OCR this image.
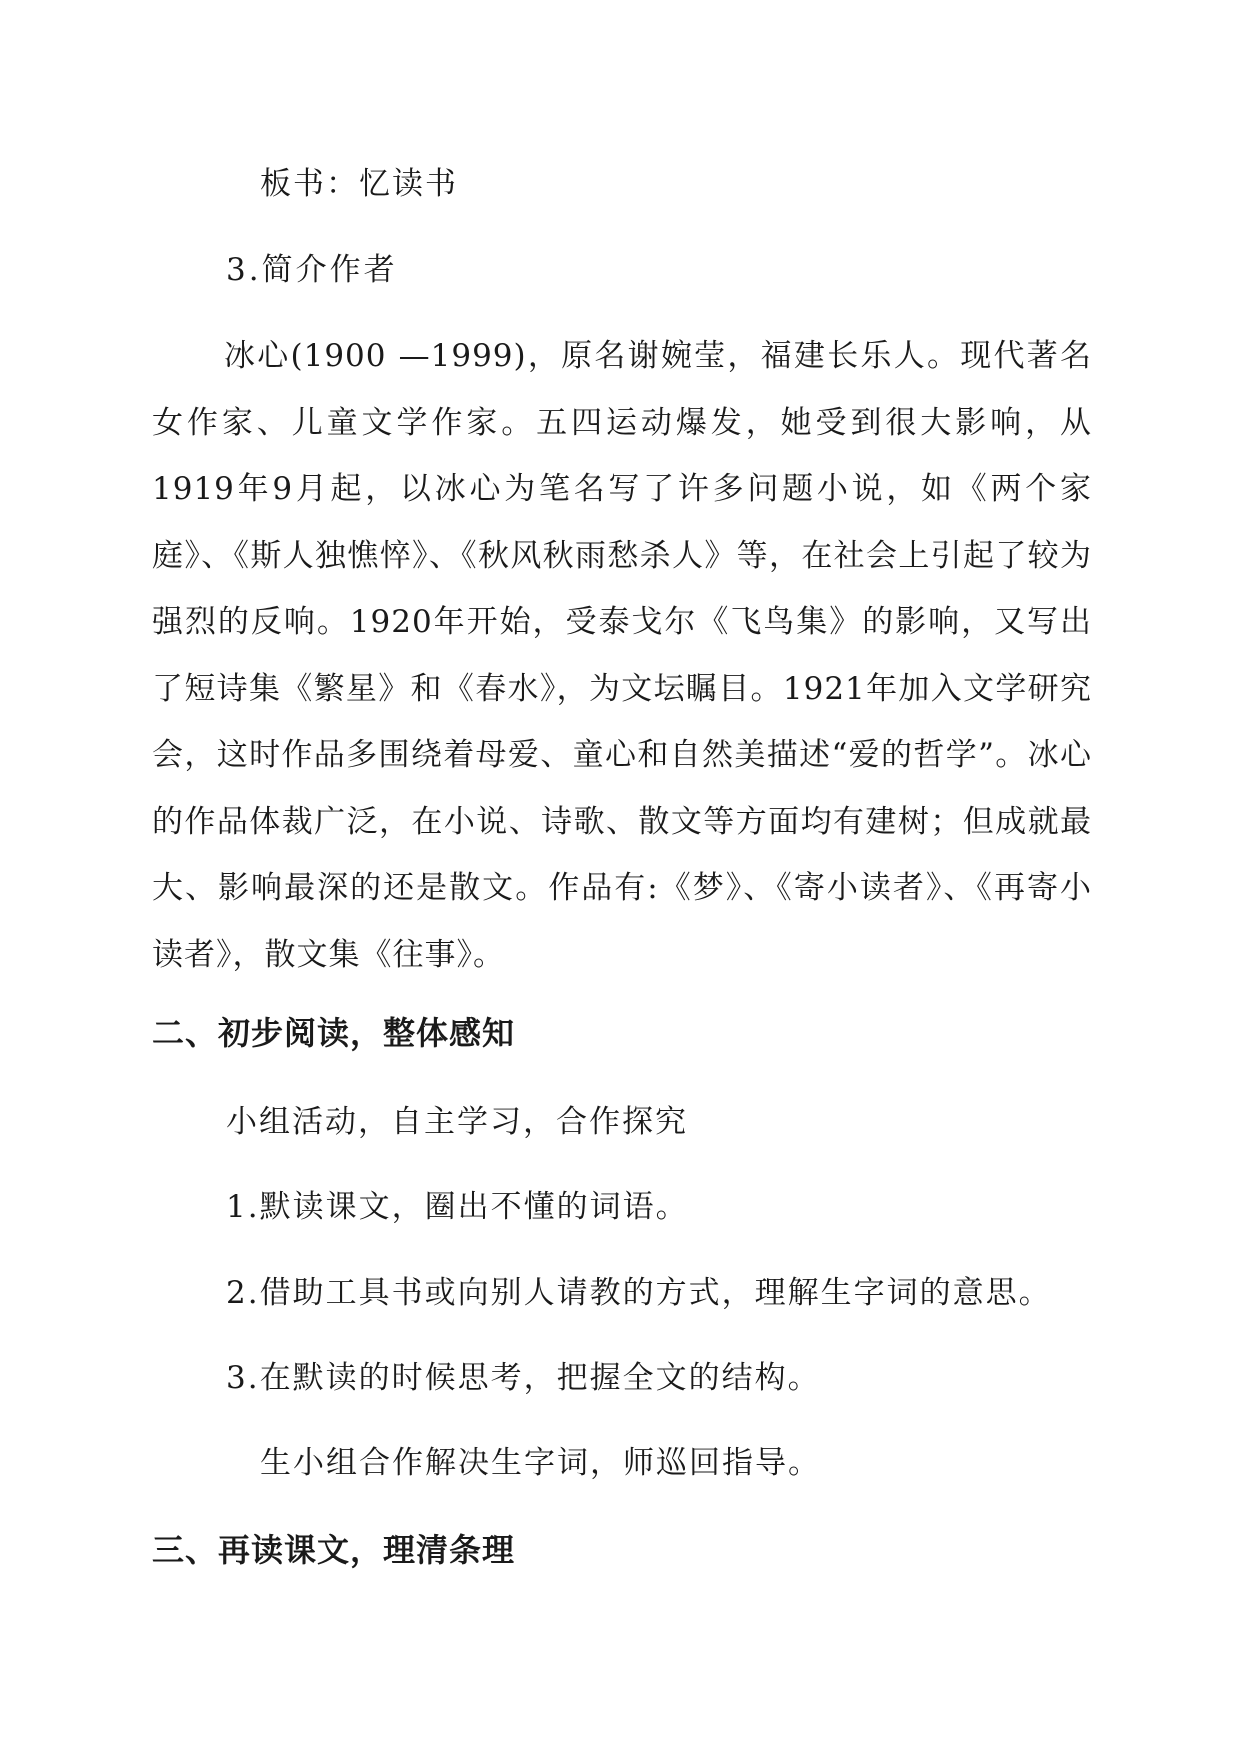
板书：忆读书
3.简介作者
冰心(1900 —1999)，原名谢婉莹，福建长乐人。现代著名女作家、儿童文学作家。五四运动爆发，她受到很大影响，从1919年9月起，以冰心为笔名写了许多问题小说，如《两个家庭》、《斯人独憔悴》、《秋风秋雨愁杀人》等，在社会上引起了较为强烈的反响。1920年开始，受泰戈尔《飞鸟集》的影响，又写出了短诗集《繁星》和《春水》，为文坛瞩目。1921年加入文学研究会，这时作品多围绕着母爱、童心和自然美描述“爱的哲学”。冰心的作品体裁广泛，在小说、诗歌、散文等方面均有建树；但成就最大、影响最深的还是散文。作品有:《梦》、《寄小读者》、《再寄小读者》，散文集《往事》。
二、初步阅读，整体感知
小组活动，自主学习，合作探究
1.默读课文，圈出不懂的词语。
2.借助工具书或向别人请教的方式，理解生字词的意思。
3.在默读的时候思考，把握全文的结构。
生小组合作解决生字词，师巡回指导。
三、再读课文，理清条理
